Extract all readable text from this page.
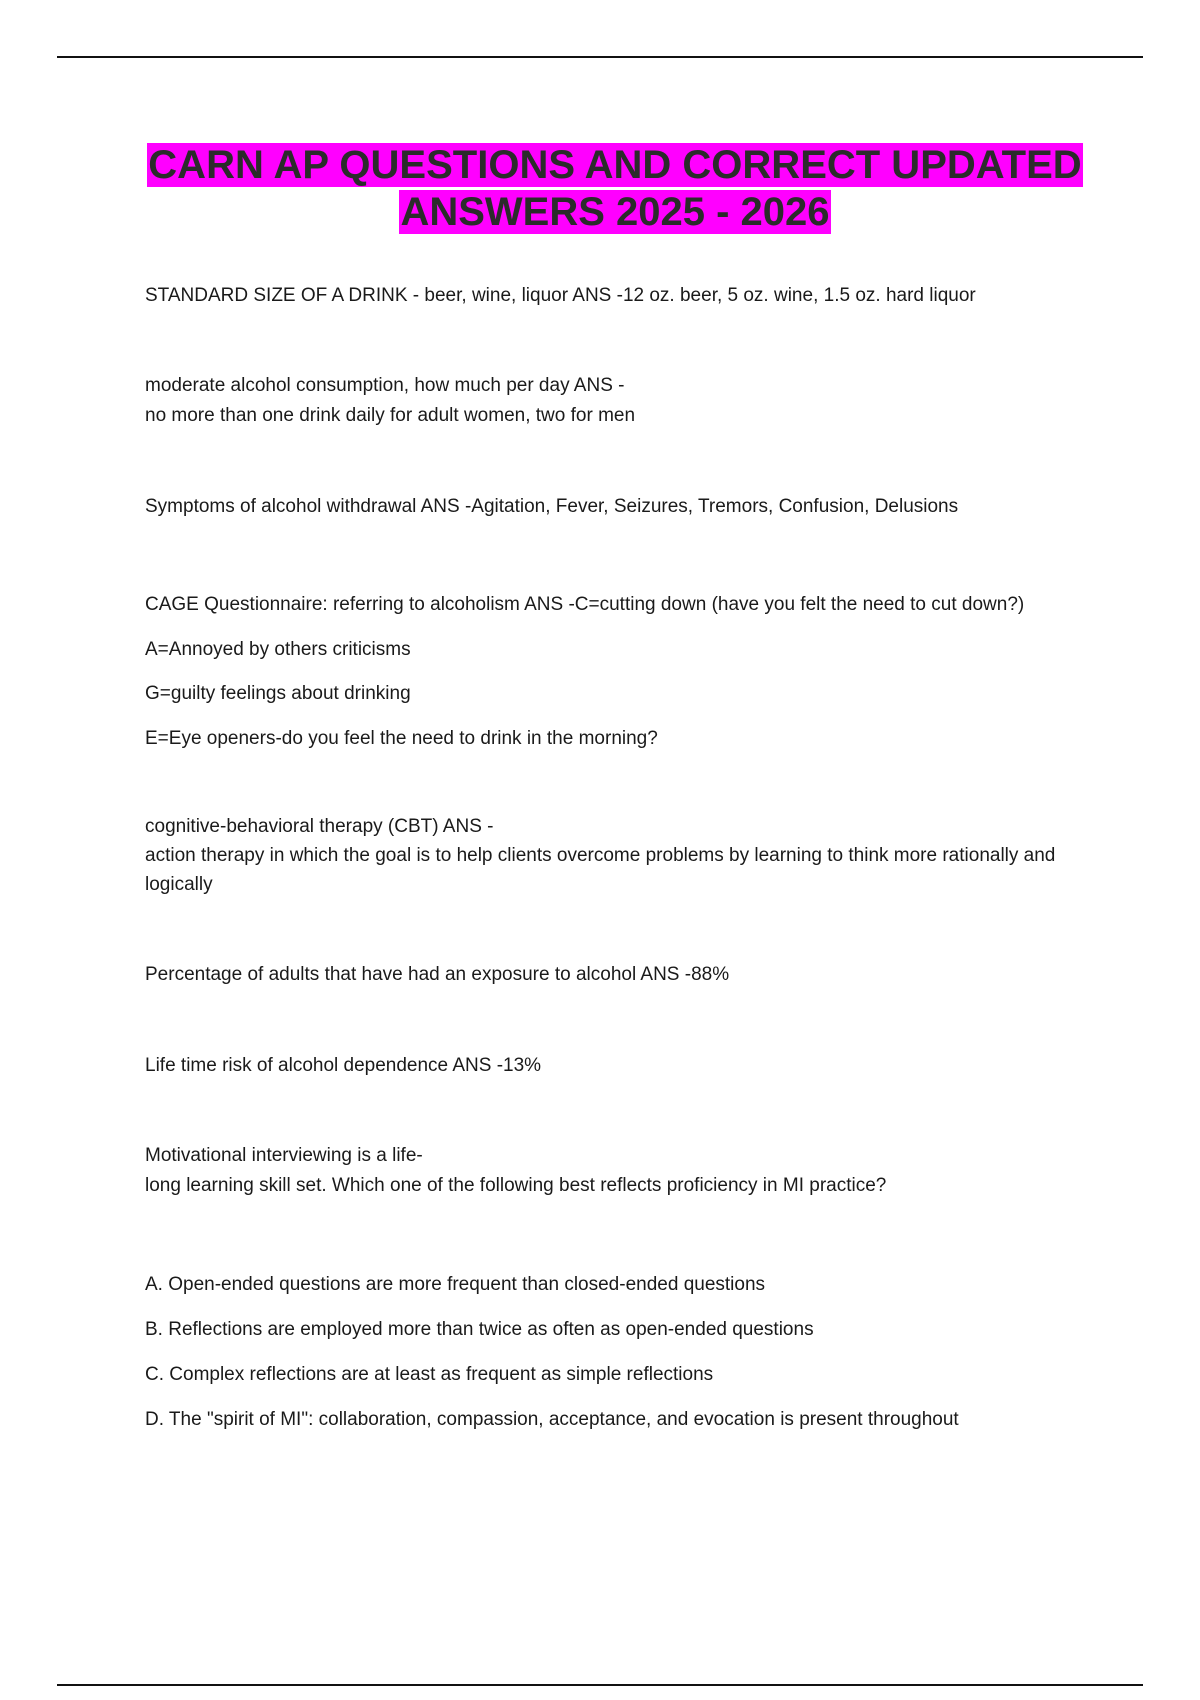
CARN AP QUESTIONS AND CORRECT UPDATED
ANSWERS 2025 - 2026
STANDARD SIZE OF A DRINK - beer, wine, liquor ANS -12 oz. beer, 5 oz. wine, 1.5 oz. hard liquor
moderate alcohol consumption, how much per day ANS -
no more than one drink daily for adult women, two for men
Symptoms of alcohol withdrawal ANS -Agitation, Fever, Seizures, Tremors, Confusion, Delusions
CAGE Questionnaire: referring to alcoholism ANS -C=cutting down (have you felt the need to cut down?)
A=Annoyed by others criticisms
G=guilty feelings about drinking
E=Eye openers-do you feel the need to drink in the morning?
cognitive-behavioral therapy (CBT) ANS -
action therapy in which the goal is to help clients overcome problems by learning to think more rationally and logically
Percentage of adults that have had an exposure to alcohol ANS -88%
Life time risk of alcohol dependence ANS -13%
Motivational interviewing is a life-
long learning skill set. Which one of the following best reflects proficiency in MI practice?
A. Open-ended questions are more frequent than closed-ended questions
B. Reflections are employed more than twice as often as open-ended questions
C. Complex reflections are at least as frequent as simple reflections
D. The "spirit of MI": collaboration, compassion, acceptance, and evocation is present throughout
